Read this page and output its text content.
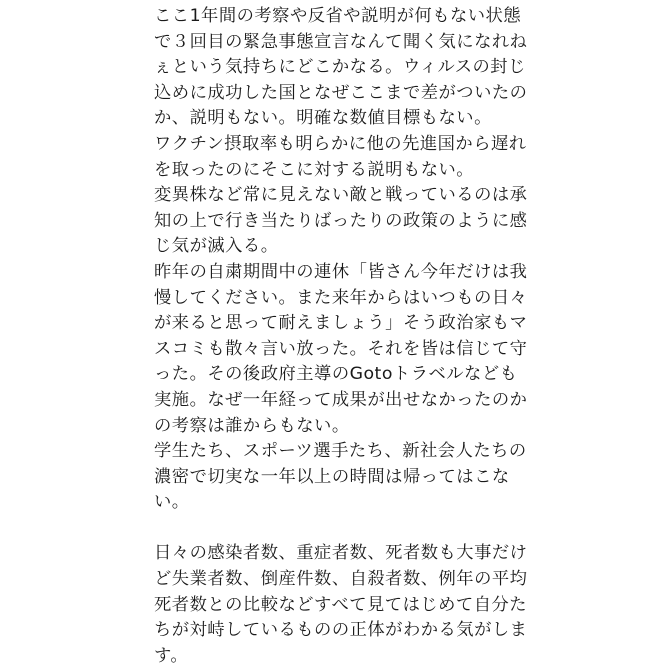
ここ1年間の考察や反省や説明が何もない状態
で３回目の緊急事態宣言なんて聞く気になれね
ぇという気持ちにどこかなる。ウィルスの封じ
込めに成功した国となぜここまで差がついたの
か、説明もない。明確な数値目標もない。
ワクチン摂取率も明らかに他の先進国から遅れ
を取ったのにそこに対する説明もない。
変異株など常に見えない敵と戦っているのは承
知の上で行き当たりばったりの政策のように感
じ気が滅入る。
昨年の自粛期間中の連休「皆さん今年だけは我
慢してください。また来年からはいつもの日々
が来ると思って耐えましょう」そう政治家もマ
スコミも散々言い放った。それを皆は信じて守
った。その後政府主導のGotoトラベルなども
実施。なぜ一年経って成果が出せなかったのか
の考察は誰からもない。
学生たち、スポーツ選手たち、新社会人たちの
濃密で切実な一年以上の時間は帰ってはこな
い。
日々の感染者数、重症者数、死者数も大事だけ
ど失業者数、倒産件数、自殺者数、例年の平均
死者数との比較などすべて見てはじめて自分た
ちが対峙しているものの正体がわかる気がしま
す。
